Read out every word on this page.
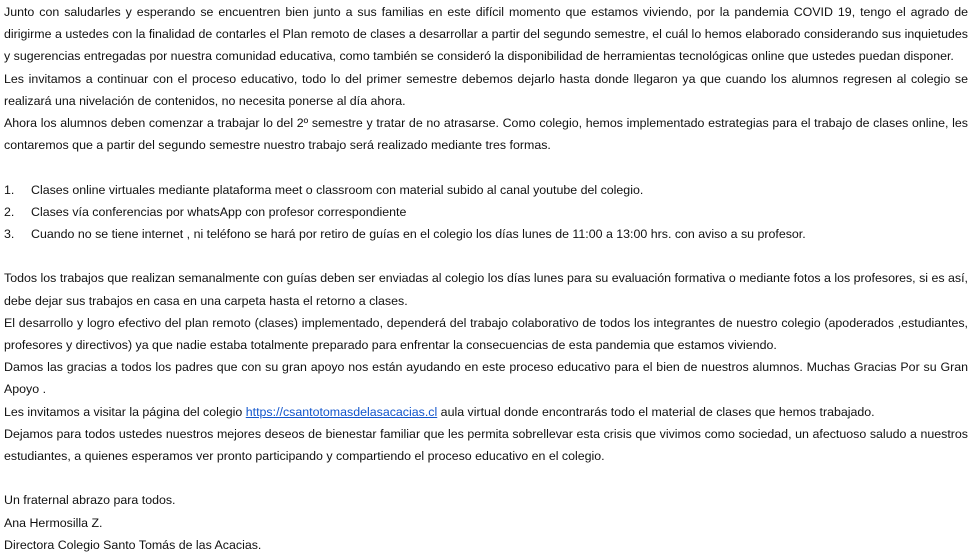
Junto con saludarles y esperando se encuentren bien junto a sus familias en este difícil momento que estamos viviendo, por la pandemia COVID 19, tengo el agrado de dirigirme a ustedes con la finalidad de contarles el Plan remoto de clases a desarrollar a partir del segundo semestre, el cuál lo hemos elaborado considerando sus inquietudes y sugerencias entregadas por nuestra comunidad educativa, como también se consideró la disponibilidad de herramientas tecnológicas online que ustedes puedan disponer.

Les invitamos a continuar con el proceso educativo, todo lo del primer semestre debemos dejarlo hasta donde llegaron ya que cuando los alumnos regresen al colegio se realizará una nivelación de contenidos, no necesita ponerse al día ahora.

Ahora los alumnos deben comenzar a trabajar lo del 2º semestre y tratar de no atrasarse. Como colegio, hemos implementado estrategias para el trabajo de clases online, les contaremos que a partir del segundo semestre nuestro trabajo será realizado mediante tres formas.

1.	Clases online virtuales mediante plataforma meet o classroom con material subido al canal youtube del colegio.
2.	Clases vía conferencias por whatsApp con profesor correspondiente
3.	Cuando no se tiene internet , ni teléfono se hará por retiro de guías en el colegio los días lunes de 11:00 a 13:00 hrs. con aviso a su profesor.

Todos los trabajos que realizan semanalmente con guías deben ser enviadas al colegio los días lunes para su evaluación formativa o mediante fotos a los profesores, si es así, debe dejar sus trabajos en casa en una carpeta hasta el retorno a clases.

El desarrollo y logro efectivo del plan remoto (clases) implementado, dependerá del trabajo colaborativo de todos los integrantes de nuestro colegio (apoderados ,estudiantes, profesores y directivos) ya que nadie estaba totalmente preparado para enfrentar la consecuencias de esta pandemia que estamos viviendo.

Damos las gracias a todos los padres que con su gran apoyo nos están ayudando en este proceso educativo para el bien de nuestros alumnos. Muchas Gracias Por su Gran Apoyo .

Les invitamos a visitar la página del colegio https://csantotomasdelasacacias.cl aula virtual donde encontrarás todo el material de clases que hemos trabajado.

Dejamos para todos ustedes nuestros mejores deseos de bienestar familiar que les permita sobrellevar esta crisis que vivimos como sociedad, un afectuoso saludo a nuestros estudiantes, a quienes esperamos ver pronto participando y compartiendo el proceso educativo en el colegio.

Un fraternal abrazo para todos.

Ana Hermosilla Z.

Directora Colegio Santo Tomás de las Acacias.
